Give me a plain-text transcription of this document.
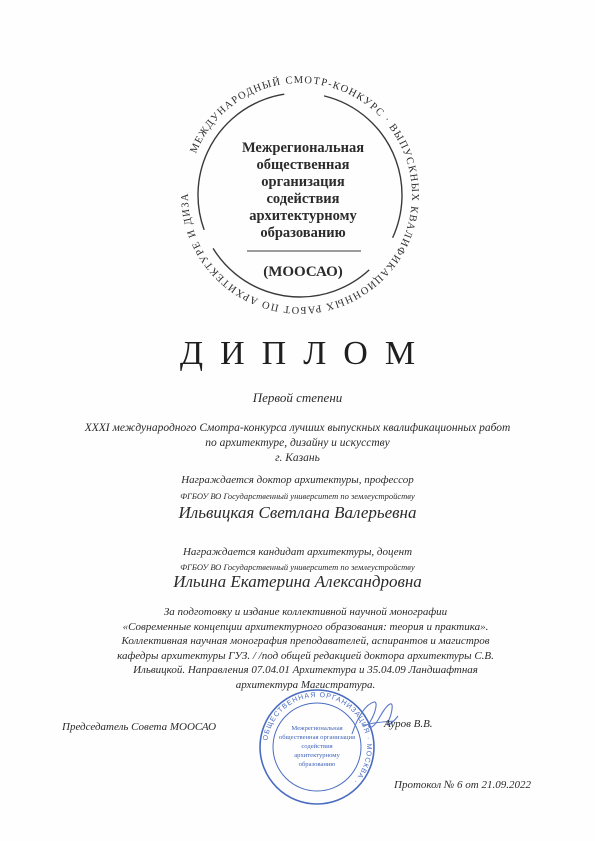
МЕЖДУНАРОДНЫЙ СМОТР-КОНКУРС · ВЫПУСКНЫХ КВАЛИФИКАЦИОННЫХ РАБОТ ПО АРХИТЕКТУРЕ И ДИЗА
Межрегиональная
общественная
организация
содействия
архитектурному
образованию
(МООСАО)
ДИПЛОМ
Первой степени
XXXI международного Смотра-конкурса лучших выпускных квалификационных работ
по архитектуре, дизайну и искусству
г. Казань
Награждается доктор архитектуры, профессор
ФГБОУ ВО Государственный университет по землеустройству
Ильвицкая Светлана Валерьевна
Награждается кандидат архитектуры, доцент
ФГБОУ ВО Государственный университет по землеустройству
Ильина Екатерина Александровна
За подготовку и издание коллективной научной монографии
«Современные концепции архитектурного образования: теория и практика».
Коллективная научная монография преподавателей, аспирантов и магистров
кафедры архитектуры ГУЗ. / /под общей редакцией доктора архитектуры С.В.
Ильвицкой. Направления 07.04.01 Архитектура и 35.04.09 Ландшафтная
архитектура Магистратура.
Председатель Совета МООСАО
ОБЩЕСТВЕННАЯ ОРГАНИЗАЦИЯ · МОСКВА ·
Межрегиональная
общественная организация
содействия
архитектурному
образованию
Ауров В.В.
Протокол № 6 от 21.09.2022
